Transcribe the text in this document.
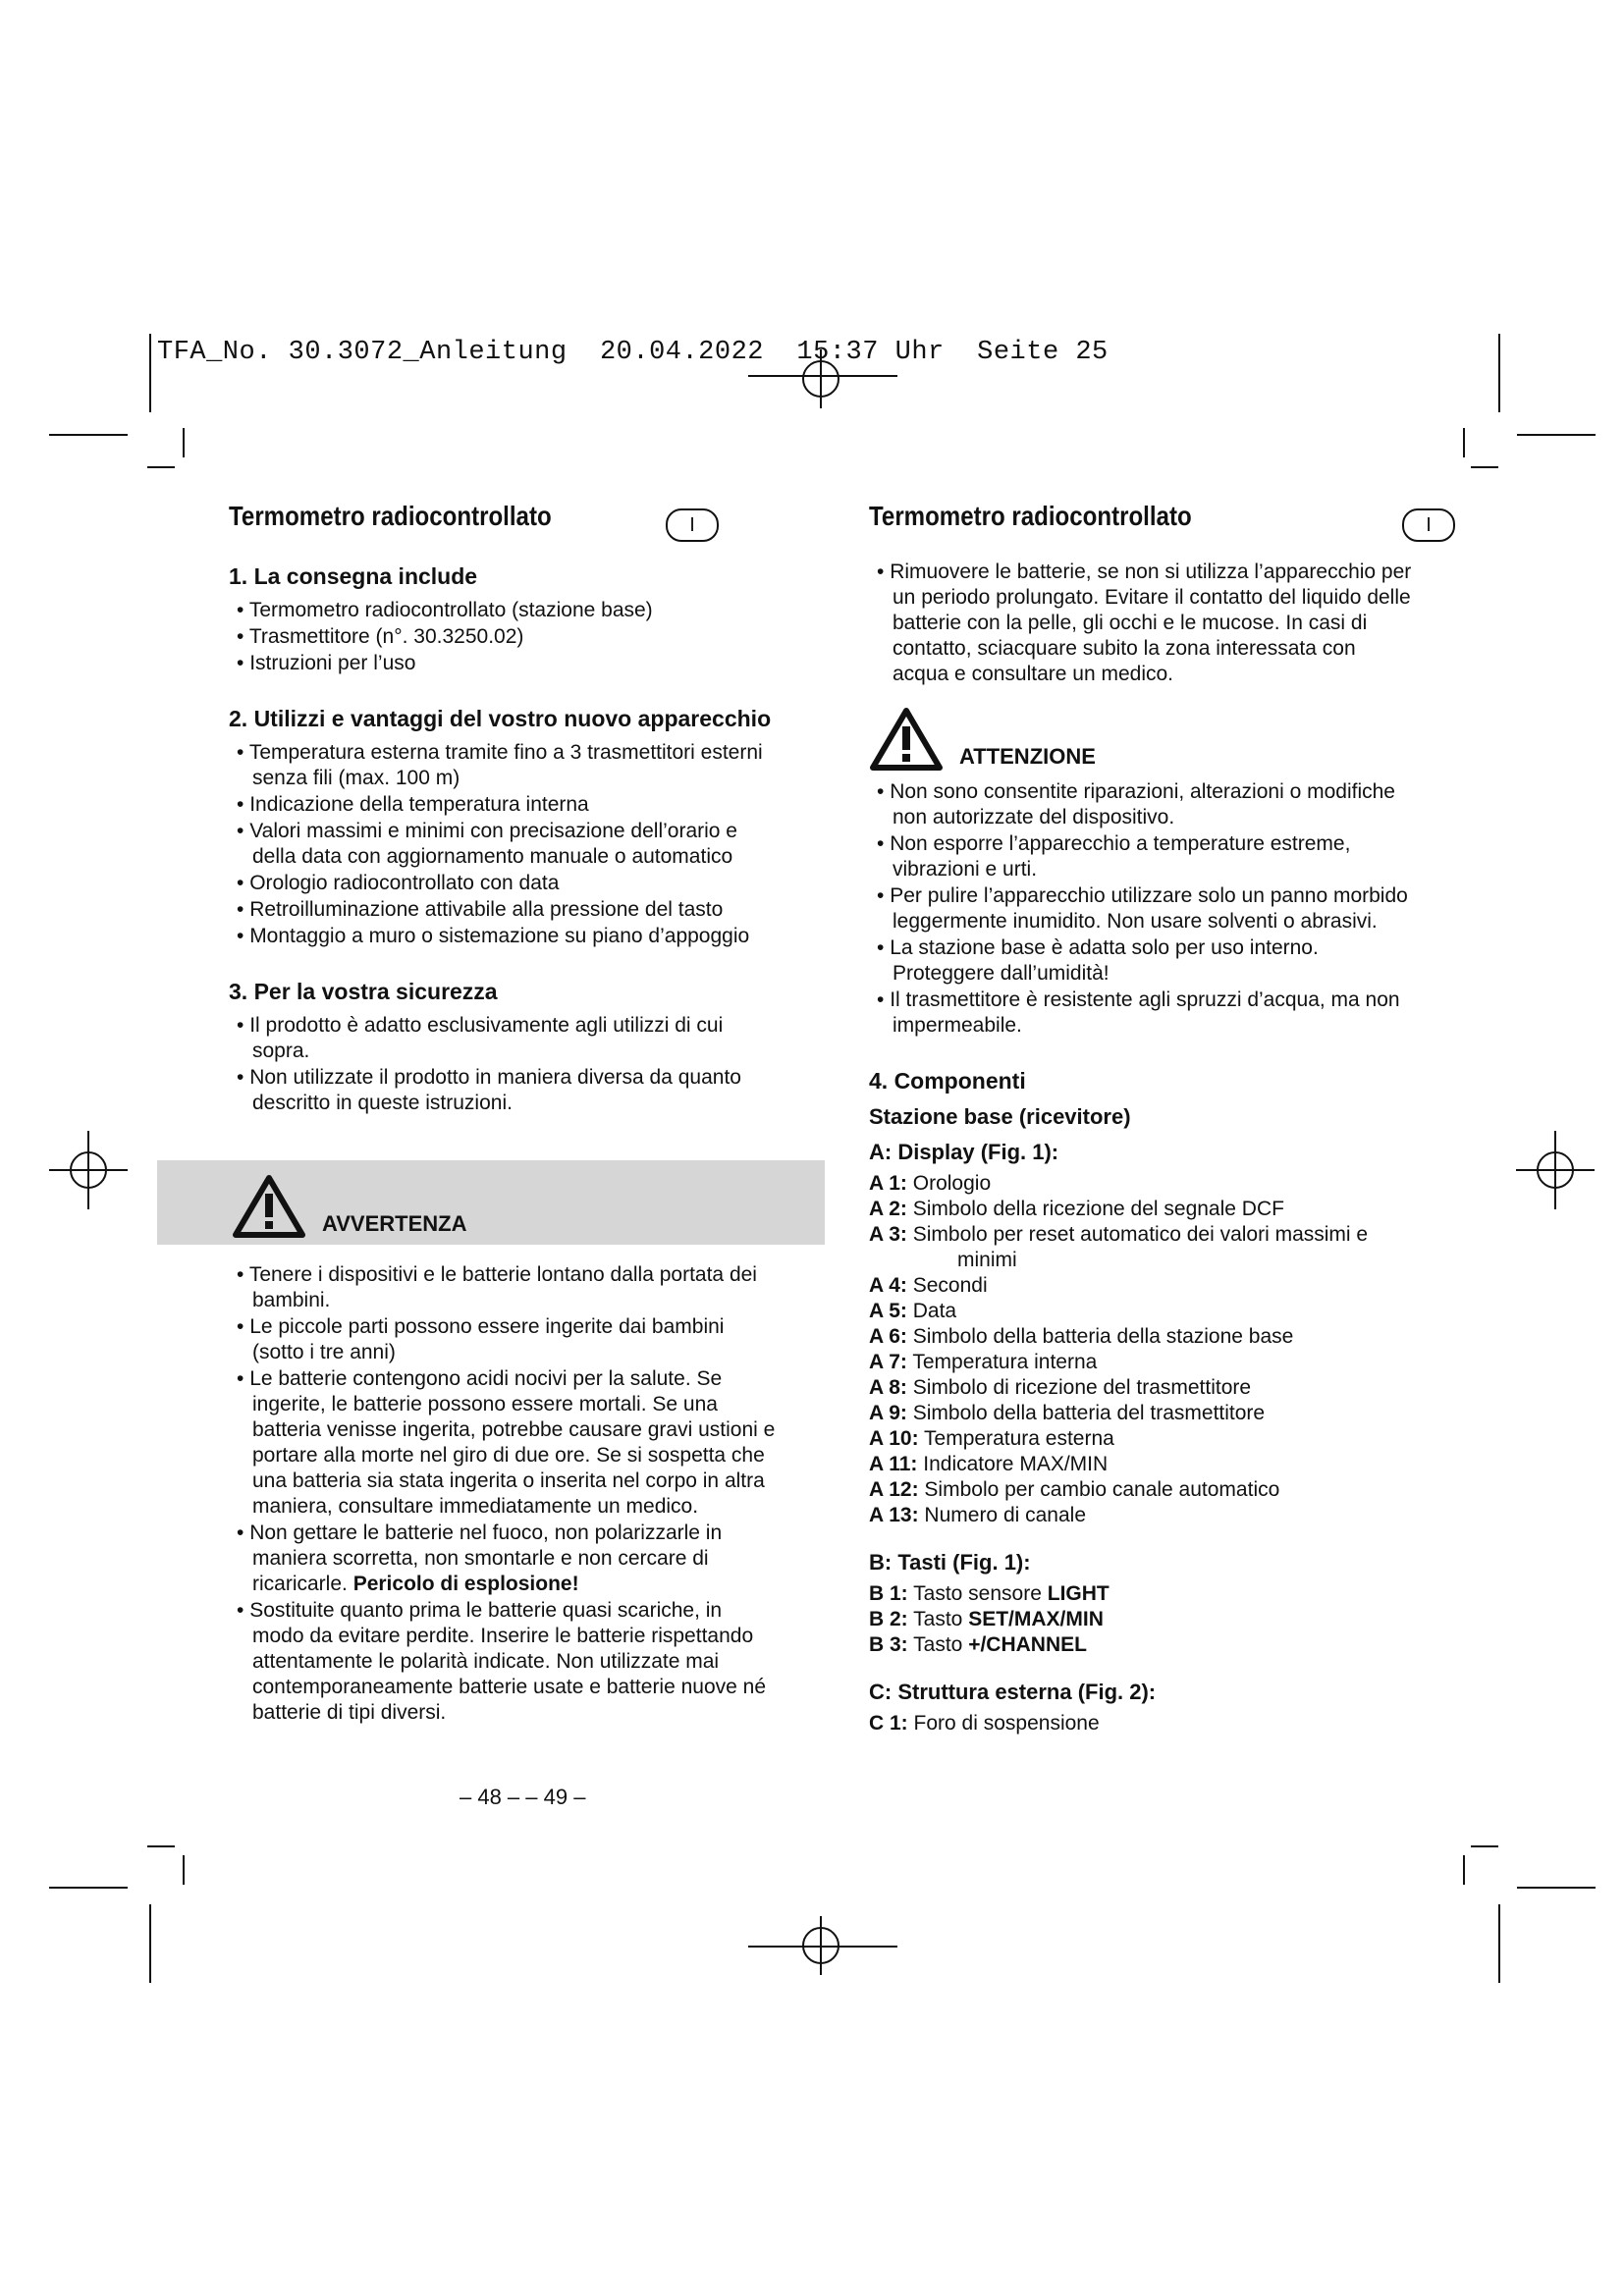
TFA_No. 30.3072_Anleitung  20.04.2022  15:37 Uhr  Seite 25
Termometro radiocontrollato	I
1. La consegna include
• Termometro radiocontrollato (stazione base)
• Trasmettitore (n°. 30.3250.02)
• Istruzioni per l’uso
2. Utilizzi e vantaggi del vostro nuovo apparecchio
• Temperatura esterna tramite fino a 3 trasmettitori esterni senza fili (max. 100 m)
• Indicazione della temperatura interna
• Valori massimi e minimi con precisazione dell’orario e della data con aggiornamento manuale o automatico
• Orologio radiocontrollato con data
• Retroilluminazione attivabile alla pressione del tasto
• Montaggio a muro o sistemazione su piano d’appoggio
3. Per la vostra sicurezza
• Il prodotto è adatto esclusivamente agli utilizzi di cui sopra.
• Non utilizzate il prodotto in maniera diversa da quanto descritto in queste istruzioni.
AVVERTENZA
• Tenere i dispositivi e le batterie lontano dalla portata dei bambini.
• Le piccole parti possono essere ingerite dai bambini (sotto i tre anni)
• Le batterie contengono acidi nocivi per la salute. Se ingerite, le batterie possono essere mortali. Se una batteria venisse ingerita, potrebbe causare gravi ustioni e portare alla morte nel giro di due ore. Se si sospetta che una batteria sia stata ingerita o inserita nel corpo in altra maniera, consultare immediatamente un medico.
• Non gettare le batterie nel fuoco, non polarizzarle in maniera scorretta, non smontarle e non cercare di ricaricarle. Pericolo di esplosione!
• Sostituite quanto prima le batterie quasi scariche, in modo da evitare perdite. Inserire le batterie rispettando attentamente le polarità indicate. Non utilizzate mai contemporaneamente batterie usate e batterie nuove né batterie di tipi diversi.
Termometro radiocontrollato	I
• Rimuovere le batterie, se non si utilizza l’apparecchio per un periodo prolungato. Evitare il contatto del liquido delle batterie con la pelle, gli occhi e le mucose. In casi di contatto, sciacquare subito la zona interessata con acqua e consultare un medico.
ATTENZIONE
• Non sono consentite riparazioni, alterazioni o modifiche non autorizzate del dispositivo.
• Non esporre l’apparecchio a temperature estreme, vibrazioni e urti.
• Per pulire l’apparecchio utilizzare solo un panno morbido leggermente inumidito. Non usare solventi o abrasivi.
• La stazione base è adatta solo per uso interno. Proteggere dall’umidità!
• Il trasmettitore è resistente agli spruzzi d’acqua, ma non impermeabile.
4. Componenti
Stazione base (ricevitore)
A: Display (Fig. 1):
A 1: Orologio
A 2: Simbolo della ricezione del segnale DCF
A 3: Simbolo per reset automatico dei valori massimi e
minimi
A 4: Secondi
A 5: Data
A 6: Simbolo della batteria della stazione base
A 7: Temperatura interna
A 8: Simbolo di ricezione del trasmettitore
A 9: Simbolo della batteria del trasmettitore
A 10: Temperatura esterna
A 11: Indicatore MAX/MIN
A 12: Simbolo per cambio canale automatico
A 13: Numero di canale
B: Tasti (Fig. 1):
B 1: Tasto sensore LIGHT
B 2: Tasto SET/MAX/MIN
B 3: Tasto +/CHANNEL
C: Struttura esterna (Fig. 2):
C 1: Foro di sospensione
– 48 – – 49 –
